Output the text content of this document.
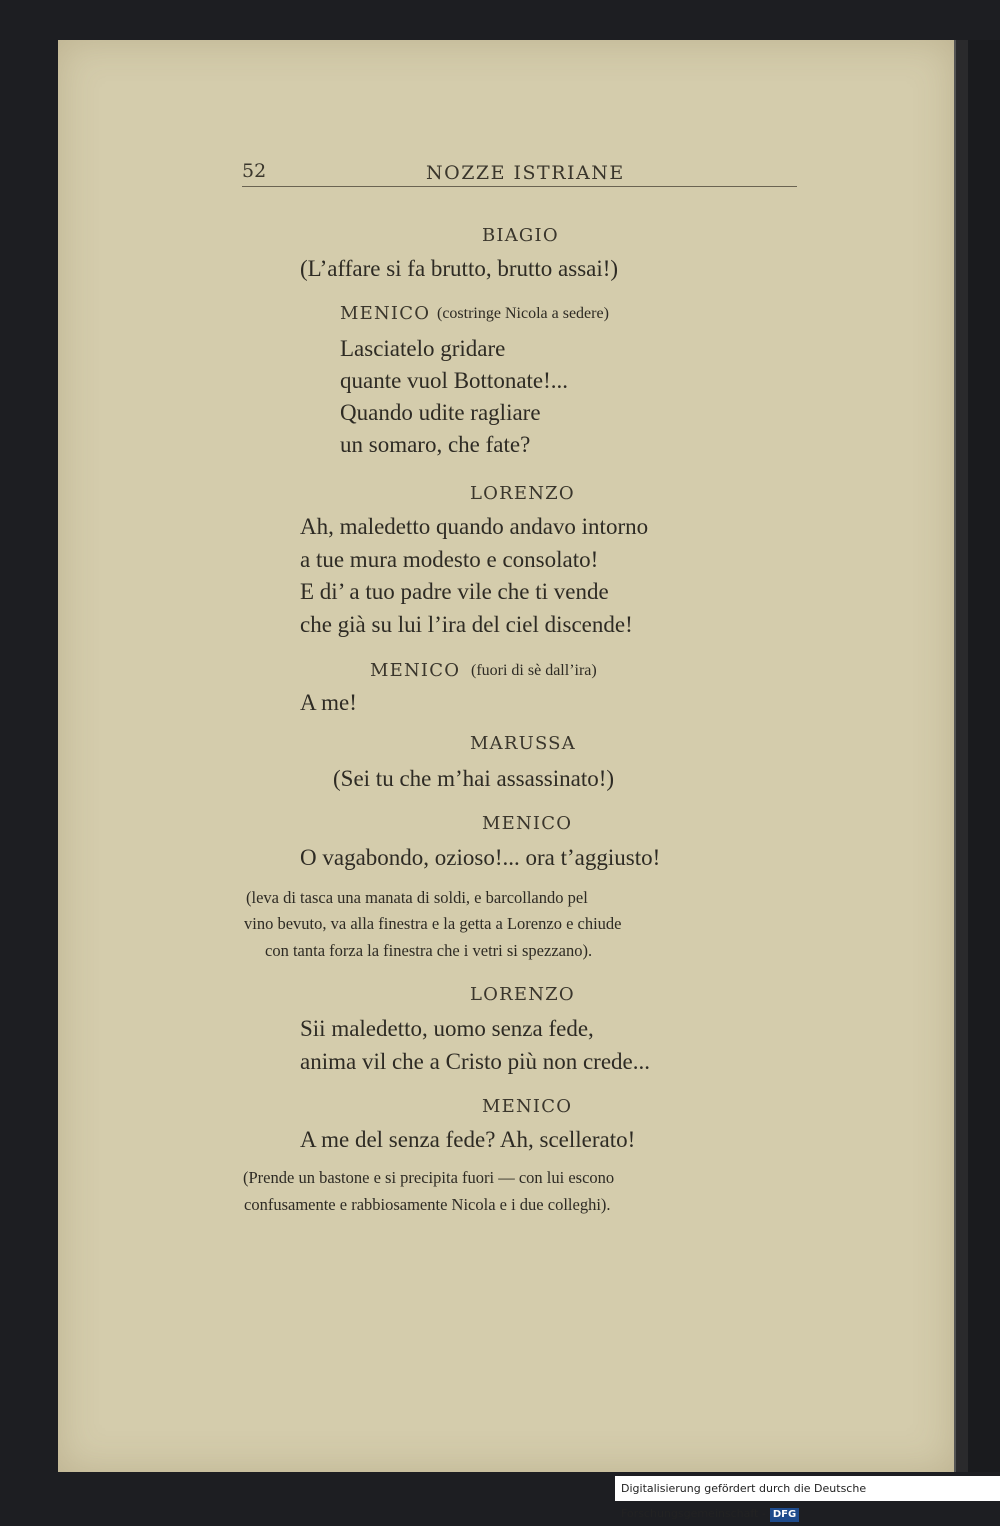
52	NOZZE ISTRIANE
BIAGIO
(L’affare si fa brutto, brutto assai!)
MENICO (costringe Nicola a sedere)
Lasciatelo gridare
quante vuol Bottonate!...
Quando udite ragliare
un somaro, che fate?
LORENZO
Ah, maledetto quando andavo intorno
a tue mura modesto e consolato!
E di’ a tuo padre vile che ti vende
che già su lui l’ira del ciel discende!
MENICO (fuori di sè dall’ira)
A me!
MARUSSA
(Sei tu che m’hai assassinato!)
MENICO
O vagabondo, ozioso!... ora t’aggiusto!
(leva di tasca una manata di soldi, e barcollando pel
vino bevuto, va alla finestra e la getta a Lorenzo e chiude
con tanta forza la finestra che i vetri si spezzano).
LORENZO
Sii maledetto, uomo senza fede,
anima vil che a Cristo più non crede...
MENICO
A me del senza fede? Ah, scellerato!
(Prende un bastone e si precipita fuori — con lui escono
confusamente e rabbiosamente Nicola e i due colleghi).
Digitalisierung gefördert durch die Deutsche Forschungsgemeinschaft - DFG
